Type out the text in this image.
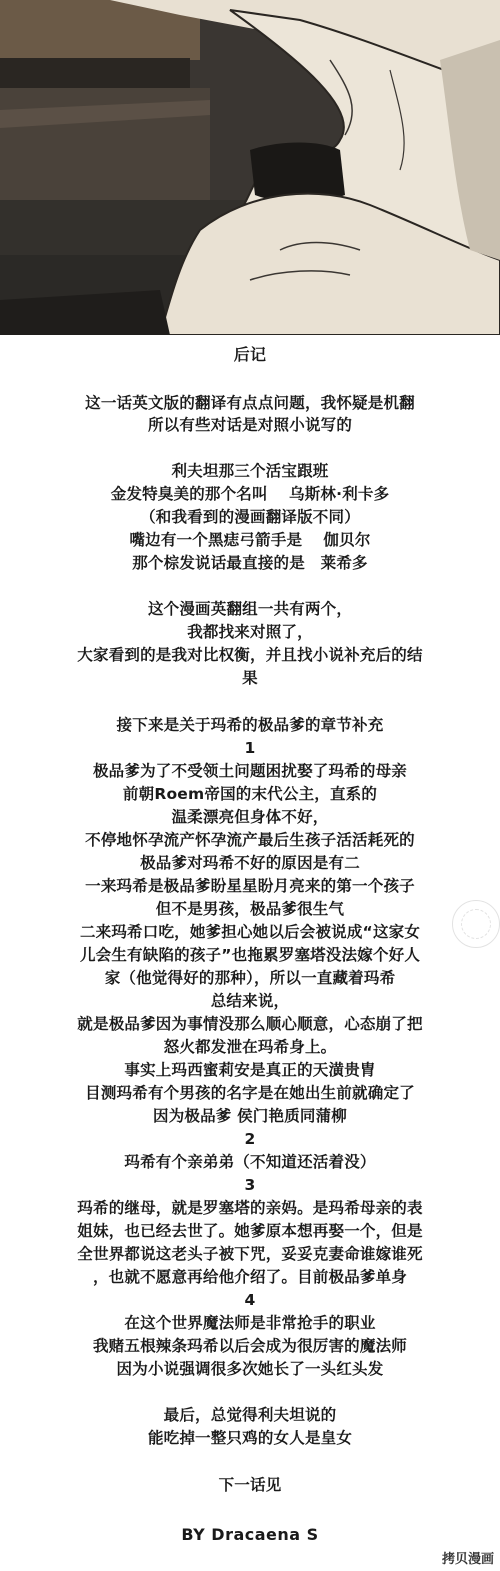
后记
这一话英文版的翻译有点点问题，我怀疑是机翻
所以有些对话是对照小说写的
利夫坦那三个活宝跟班
金发特臭美的那个名叫　 乌斯林·利卡多
（和我看到的漫画翻译版不同）
嘴边有一个黑痣弓箭手是　 伽贝尔
那个棕发说话最直接的是　莱希多
这个漫画英翻组一共有两个，
我都找来对照了，
大家看到的是我对比权衡，并且找小说补充后的结
果
接下来是关于玛希的极品爹的章节补充
1
极品爹为了不受领土问题困扰娶了玛希的母亲
前朝Roem帝国的末代公主，直系的
温柔漂亮但身体不好，
不停地怀孕流产怀孕流产最后生孩子活活耗死的
极品爹对玛希不好的原因是有二
一来玛希是极品爹盼星星盼月亮来的第一个孩子
但不是男孩，极品爹很生气
二来玛希口吃，她爹担心她以后会被说成“这家女
儿会生有缺陷的孩子”也拖累罗塞塔没法嫁个好人
家（他觉得好的那种），所以一直藏着玛希
总结来说，
就是极品爹因为事情没那么顺心顺意，心态崩了把
怒火都发泄在玛希身上。
事实上玛西蜜莉安是真正的天潢贵胄
目测玛希有个男孩的名字是在她出生前就确定了
因为极品爹 侯门艳质同蒲柳
2
玛希有个亲弟弟（不知道还活着没）
3
玛希的继母，就是罗塞塔的亲妈。是玛希母亲的表
姐妹，也已经去世了。她爹原本想再娶一个，但是
全世界都说这老头子被下咒，妥妥克妻命谁嫁谁死
，也就不愿意再给他介绍了。目前极品爹单身
4
在这个世界魔法师是非常抢手的职业
我赌五根辣条玛希以后会成为很厉害的魔法师
因为小说强调很多次她长了一头红头发
最后，总觉得利夫坦说的
能吃掉一整只鸡的女人是皇女
下一话见
BY Dracaena S
拷贝漫画
